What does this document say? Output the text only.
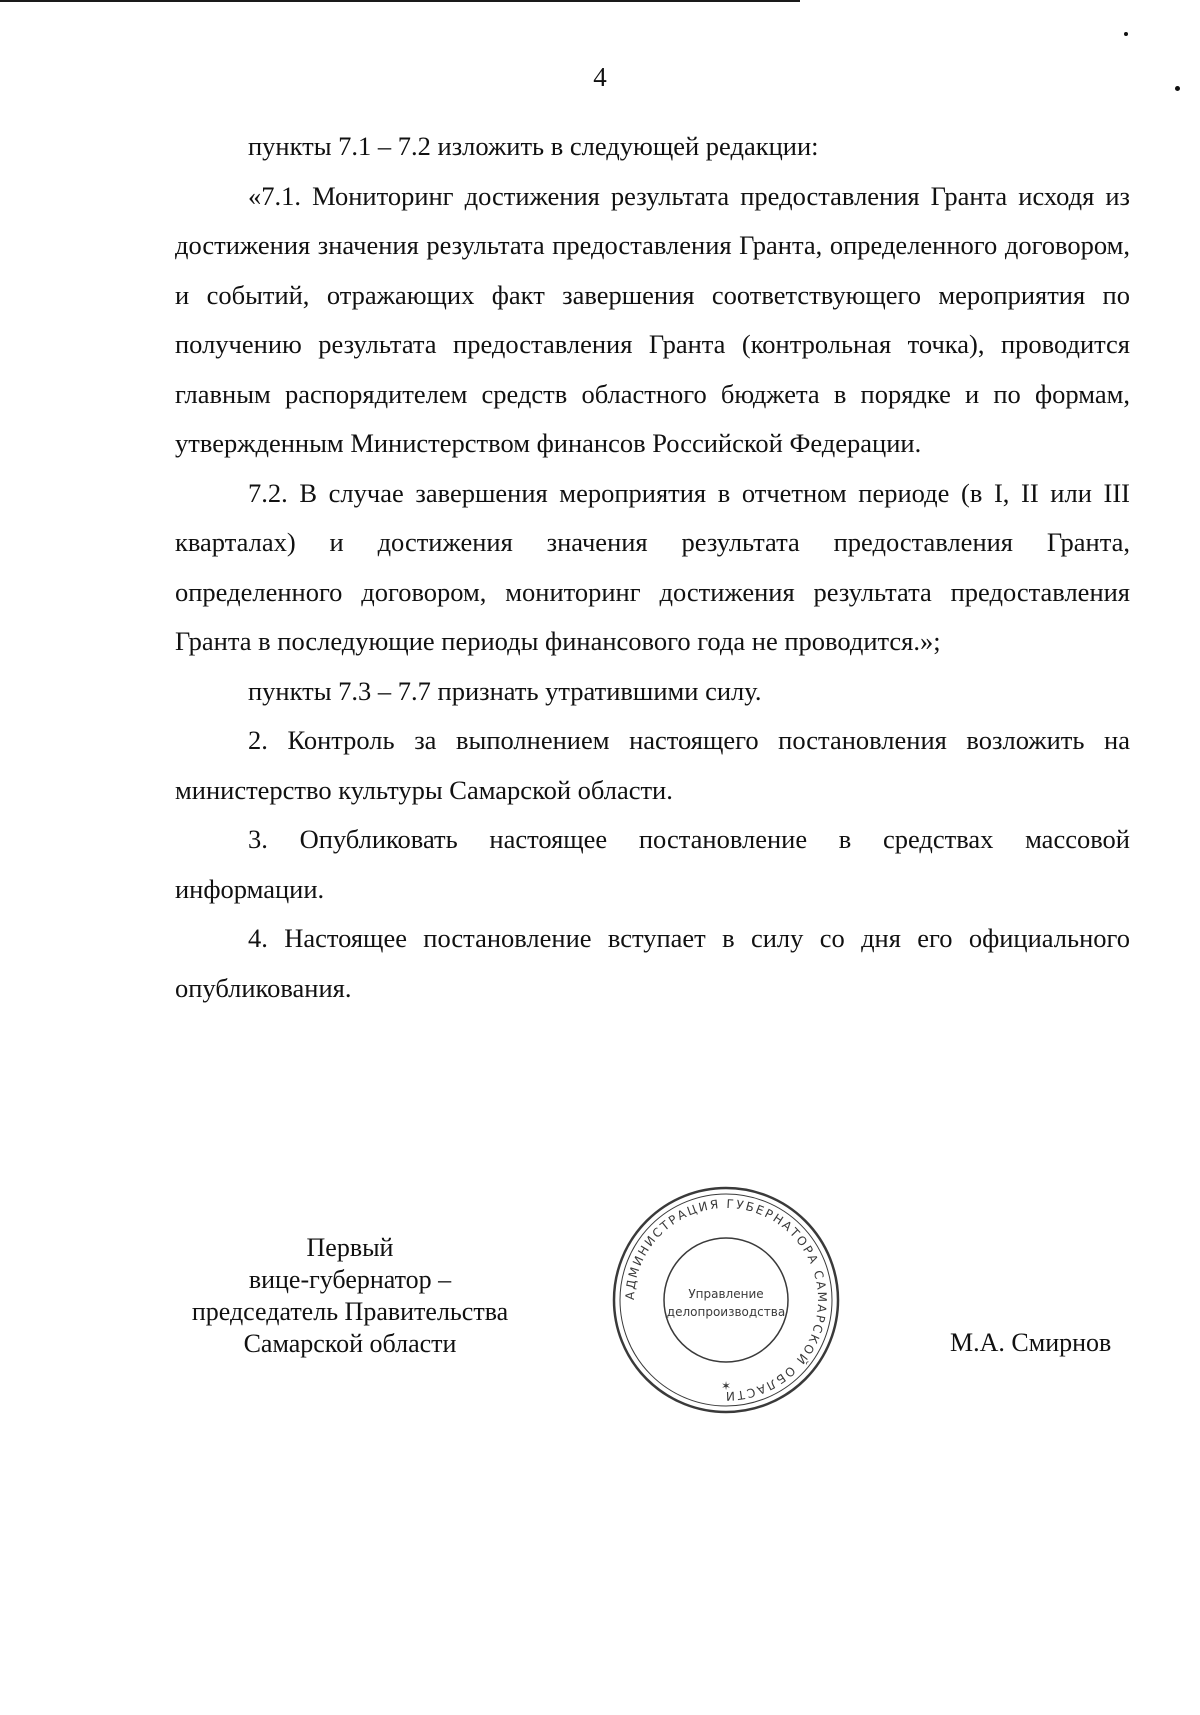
4

пункты 7.1 – 7.2 изложить в следующей редакции:

«7.1. Мониторинг достижения результата предоставления Гранта исходя из достижения значения результата предоставления Гранта, определенного договором, и событий, отражающих факт завершения соответствующего мероприятия по получению результата предоставления Гранта (контрольная точка), проводится главным распорядителем средств областного бюджета в порядке и по формам, утвержденным Министерством финансов Российской Федерации.

7.2. В случае завершения мероприятия в отчетном периоде (в I, II или III кварталах) и достижения значения результата предоставления Гранта, определенного договором, мониторинг достижения результата предоставления Гранта в последующие периоды финансового года не проводится.»;

пункты 7.3 – 7.7 признать утратившими силу.

2. Контроль за выполнением настоящего постановления возложить на министерство культуры Самарской области.

3. Опубликовать настоящее постановление в средствах массовой информации.

4. Настоящее постановление вступает в силу со дня его официального опубликования.

Первый
вице-губернатор –
председатель Правительства
Самарской области
АДМИНИСТРАЦИЯ ГУБЕРНАТОРА САМАРСКОЙ ОБЛАСТИ
Управление
делопроизводства
✶
М.А. Смирнов
